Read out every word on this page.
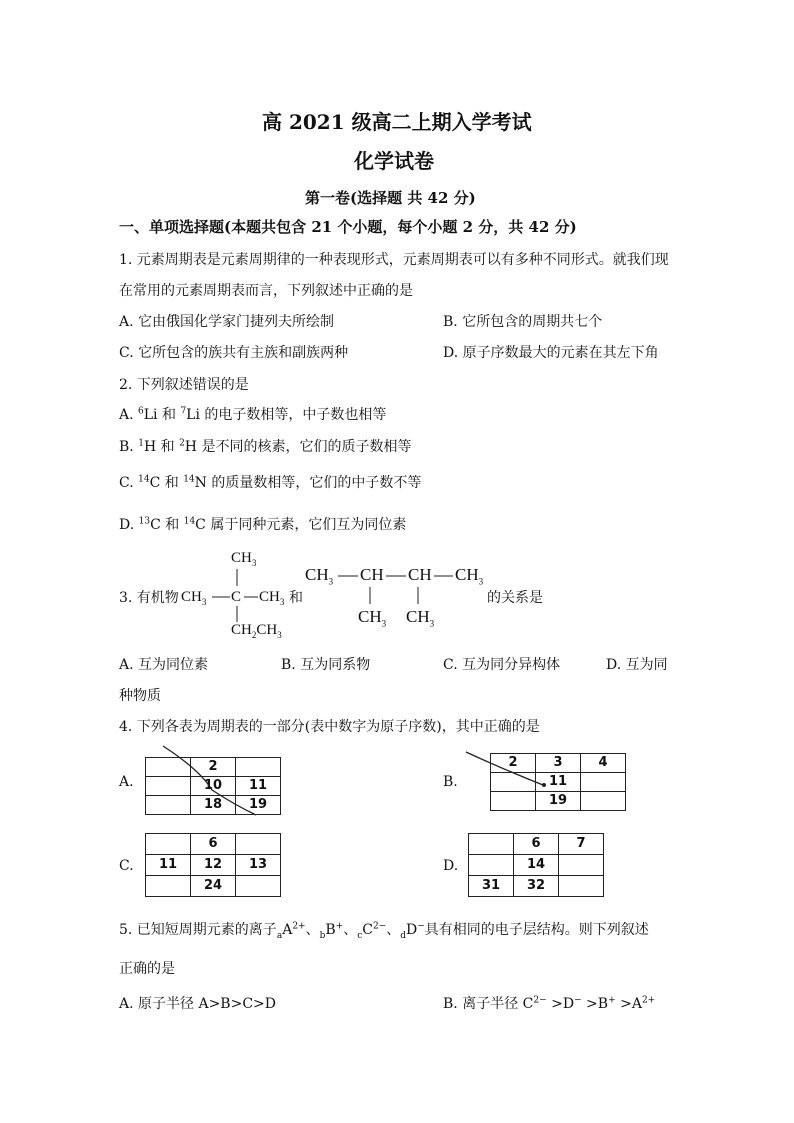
高 2021 级高二上期入学考试
化学试卷
第一卷(选择题 共 42 分)
一、单项选择题(本题共包含 21 个小题，每个小题 2 分，共 42 分)
1. 元素周期表是元素周期律的一种表现形式，元素周期表可以有多种不同形式。就我们现
在常用的元素周期表而言，下列叙述中正确的是
A. 它由俄国化学家门捷列夫所绘制	B. 它所包含的周期共七个
C. 它所包含的族共有主族和副族两种	D. 原子序数最大的元素在其左下角
2. 下列叙述错误的是
A. $^6$Li 和 $^7$Li 的电子数相等，中子数也相等
B. $^1$H 和 $^2$H 是不同的核素，它们的质子数相等
C. $^{14}$C 和 $^{14}$N 的质量数相等，它们的中子数不等
D. $^{13}$C 和 $^{14}$C 属于同种元素，它们互为同位素
3. 有机物
$CH_3$
$CH_3$ C $CH_3$
$CH_2CH_3$
和
$CH_3$ CH CH $CH_3$
$CH_3$ $CH_3$
的关系是
A. 互为同位素	B. 互为同系物	C. 互为同分异构体	D. 互为同
种物质
4. 下列各表为周期表的一部分(表中数字为原子序数)，其中正确的是
A.
	2	
	10	11
	18	19
B.
2	3	4
	11	
	19	
C.
	6	
11	12	13
	24	
D.
	6	7
	14	
31	32	
5. 已知短周期元素的离子$_aA^{2+}$、$_b$B+、$_cC^{2-}$、$_d$D−具有相同的电子层结构。则下列叙述
正确的是
A. 原子半径 A>B>C>D	B. 离子半径 $C^{2-} >D^- >B^+ >A^{2+}$
